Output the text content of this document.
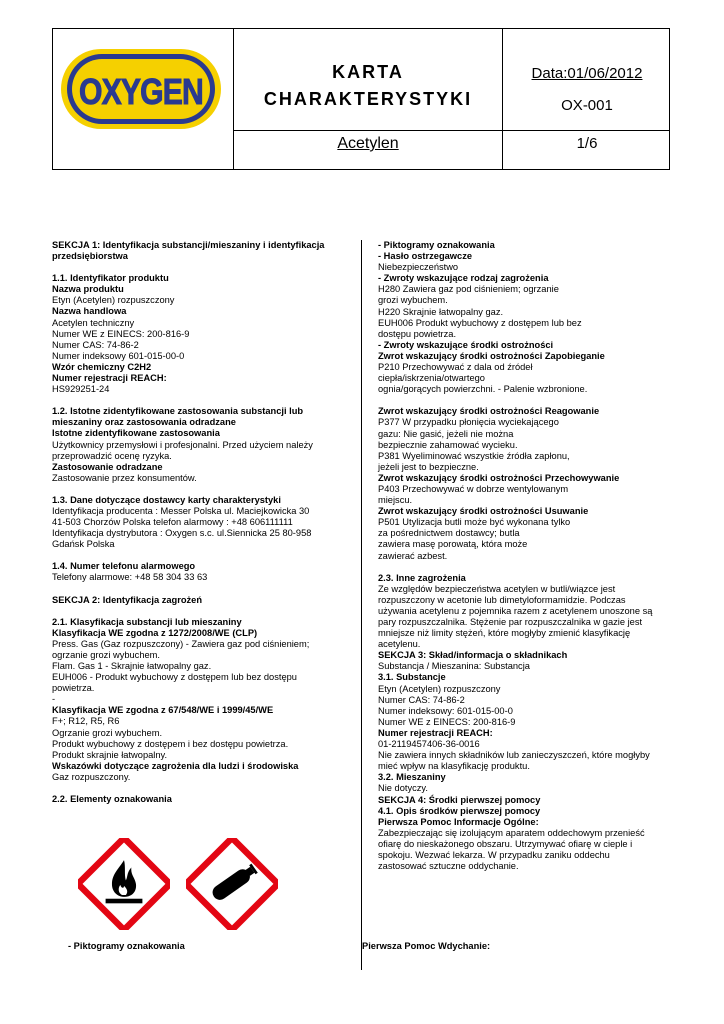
OXYGEN	KARTA
CHARAKTERYSTYKI
Data:01/06/2012
OX-001
Acetylen	1/6

SEKCJA 1: Identyfikacja substancji/mieszaniny i identyfikacja

przedsiębiorstwa

1.1. Identyfikator produktu

Nazwa produktu

Etyn (Acetylen) rozpuszczony

Nazwa handlowa

Acetylen techniczny

Numer WE z EINECS: 200-816-9

Numer CAS: 74-86-2

Numer indeksowy 601-015-00-0

Wzór chemiczny C2H2

Numer rejestracji REACH:

HS929251-24

1.2. Istotne zidentyfikowane zastosowania substancji lub

mieszaniny oraz zastosowania odradzane

Istotne zidentyfikowane zastosowania

Użytkownicy przemysłowi i profesjonalni. Przed użyciem należy

przeprowadzić ocenę ryzyka.

Zastosowanie odradzane

Zastosowanie przez konsumentów.

1.3. Dane dotyczące dostawcy karty charakterystyki

Identyfikacja producenta : Messer Polska ul. Maciejkowicka 30

41-503 Chorzów Polska telefon alarmowy : +48 606111111

Identyfikacja dystrybutora : Oxygen s.c. ul.Siennicka 25 80-958

Gdańsk Polska

1.4. Numer telefonu alarmowego

Telefony alarmowe: +48 58 304 33 63

SEKCJA 2: Identyfikacja zagrożeń

2.1. Klasyfikacja substancji lub mieszaniny

Klasyfikacja WE zgodna z 1272/2008/WE (CLP)

Press. Gas (Gaz rozpuszczony) - Zawiera gaz pod ciśnieniem;

ogrzanie grozi wybuchem.

Flam. Gas 1 - Skrajnie łatwopalny gaz.

EUH006 - Produkt wybuchowy z dostępem lub bez dostępu

powietrza.

-

Klasyfikacja WE zgodna z 67/548/WE i 1999/45/WE

F+; R12, R5, R6

Ogrzanie grozi wybuchem.

Produkt wybuchowy z dostępem i bez dostępu powietrza.

Produkt skrajnie łatwopalny.

Wskazówki dotyczące zagrożenia dla ludzi i środowiska

Gaz rozpuszczony.

2.2. Elementy oznakowania

- Piktogramy oznakowania

- Hasło ostrzegawcze

Niebezpieczeństwo

- Zwroty wskazujące rodzaj zagrożenia

H280 Zawiera gaz pod ciśnieniem; ogrzanie

grozi wybuchem.

H220 Skrajnie łatwopalny gaz.

EUH006 Produkt wybuchowy z dostępem lub bez

dostępu powietrza.

- Zwroty wskazujące środki ostrożności

Zwrot wskazujący środki ostrożności Zapobieganie

P210 Przechowywać z dala od źródeł

ciepła/iskrzenia/otwartego

ognia/gorących powierzchni. - Palenie wzbronione.

Zwrot wskazujący środki ostrożności Reagowanie

P377 W przypadku płonięcia wyciekającego

gazu: Nie gasić, jeżeli nie można

bezpiecznie zahamować wycieku.

P381 Wyeliminować wszystkie źródła zapłonu,

jeżeli jest to bezpieczne.

Zwrot wskazujący środki ostrożności Przechowywanie

P403 Przechowywać w dobrze wentylowanym

miejscu.

Zwrot wskazujący środki ostrożności Usuwanie

P501 Utylizacja butli może być wykonana tylko

za pośrednictwem dostawcy; butla

zawiera masę porowatą, która może

zawierać azbest.

2.3. Inne zagrożenia

Ze względów bezpieczeństwa acetylen w butli/wiązce jest

rozpuszczony w acetonie lub dimetyloformamidzie. Podczas

używania acetylenu z pojemnika razem z acetylenem unoszone są

pary rozpuszczalnika. Stężenie par rozpuszczalnika w gazie jest

mniejsze niż limity stężeń, które mogłyby zmienić klasyfikację

acetylenu.

SEKCJA 3: Skład/informacja o składnikach

Substancja / Mieszanina: Substancja

3.1. Substancje

Etyn (Acetylen) rozpuszczony

Numer CAS: 74-86-2

Numer indeksowy: 601-015-00-0

Numer WE z EINECS: 200-816-9

Numer rejestracji REACH:

01-2119457406-36-0016

Nie zawiera innych składników lub zanieczyszczeń, które mogłyby

mieć wpływ na klasyfikację produktu.

3.2. Mieszaniny

Nie dotyczy.

SEKCJA 4: Środki pierwszej pomocy

4.1. Opis środków pierwszej pomocy

Pierwsza Pomoc Informacje Ogólne:

Zabezpieczając się izolującym aparatem oddechowym przenieść

ofiarę do nieskażonego obszaru. Utrzymywać ofiarę w cieple i

spokoju. Wezwać lekarza. W przypadku zaniku oddechu

zastosować sztuczne oddychanie.

- Piktogramy oznakowania	Pierwsza Pomoc Wdychanie:
